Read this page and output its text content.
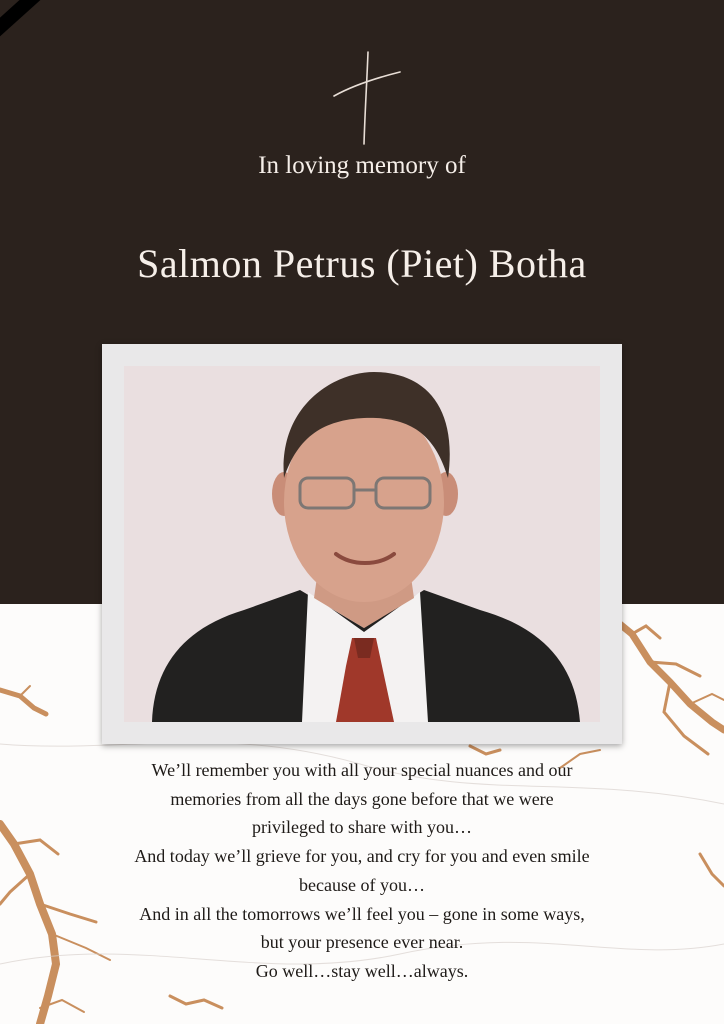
In loving memory of
Salmon Petrus (Piet) Botha
We’ll remember you with all your special nuances and our
memories from all the days gone before that we were
privileged to share with you…
And today we’ll grieve for you, and cry for you and even smile
because of you…
And in all the tomorrows we’ll feel you – gone in some ways,
but your presence ever near.
Go well…stay well…always.
